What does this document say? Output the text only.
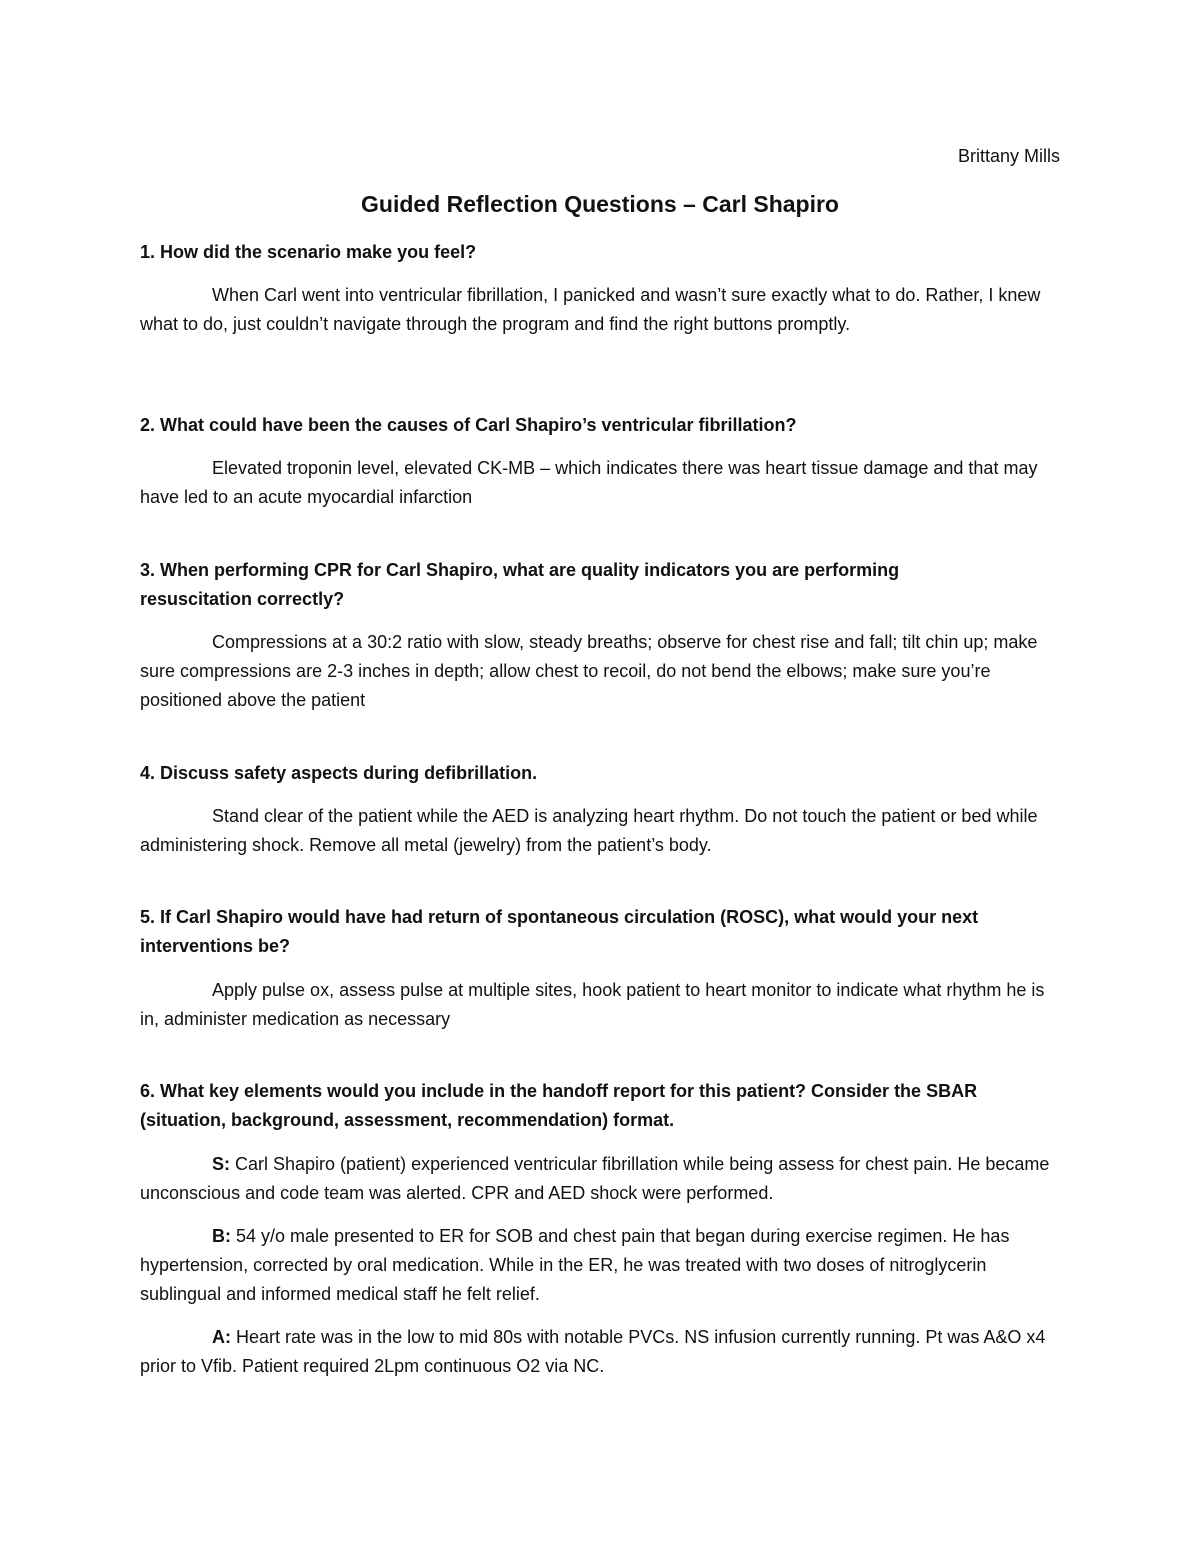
Brittany Mills
Guided Reflection Questions – Carl Shapiro
1. How did the scenario make you feel?
When Carl went into ventricular fibrillation, I panicked and wasn’t sure exactly what to do. Rather, I knew what to do, just couldn’t navigate through the program and find the right buttons promptly.
2. What could have been the causes of Carl Shapiro’s ventricular fibrillation?
Elevated troponin level, elevated CK-MB – which indicates there was heart tissue damage and that may have led to an acute myocardial infarction
3. When performing CPR for Carl Shapiro, what are quality indicators you are performing resuscitation correctly?
Compressions at a 30:2 ratio with slow, steady breaths; observe for chest rise and fall; tilt chin up; make sure compressions are 2-3 inches in depth; allow chest to recoil, do not bend the elbows; make sure you’re positioned above the patient
4. Discuss safety aspects during defibrillation.
Stand clear of the patient while the AED is analyzing heart rhythm. Do not touch the patient or bed while administering shock. Remove all metal (jewelry) from the patient’s body.
5. If Carl Shapiro would have had return of spontaneous circulation (ROSC), what would your next interventions be?
Apply pulse ox, assess pulse at multiple sites, hook patient to heart monitor to indicate what rhythm he is in, administer medication as necessary
6. What key elements would you include in the handoff report for this patient? Consider the SBAR (situation, background, assessment, recommendation) format.
S: Carl Shapiro (patient) experienced ventricular fibrillation while being assess for chest pain. He became unconscious and code team was alerted. CPR and AED shock were performed.
B: 54 y/o male presented to ER for SOB and chest pain that began during exercise regimen. He has hypertension, corrected by oral medication. While in the ER, he was treated with two doses of nitroglycerin sublingual and informed medical staff he felt relief.
A: Heart rate was in the low to mid 80s with notable PVCs. NS infusion currently running. Pt was A&O x4 prior to Vfib. Patient required 2Lpm continuous O2 via NC.
